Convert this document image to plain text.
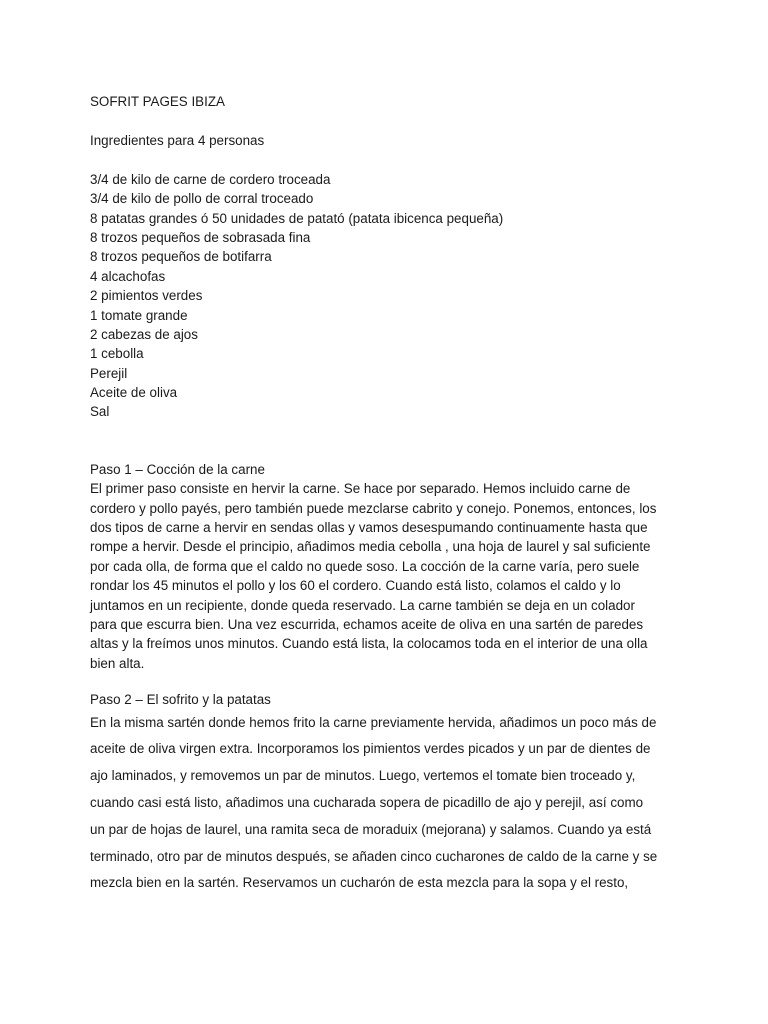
SOFRIT PAGES IBIZA
Ingredientes para 4 personas
3/4 de kilo de carne de cordero troceada
3/4 de kilo de pollo de corral troceado
8 patatas grandes ó 50 unidades de patató (patata ibicenca pequeña)
8 trozos pequeños de sobrasada fina
8 trozos pequeños de botifarra
4 alcachofas
2 pimientos verdes
1 tomate grande
2 cabezas de ajos
1 cebolla
Perejil
Aceite de oliva
Sal
Paso 1 – Cocción de la carne
El primer paso consiste en hervir la carne. Se hace por separado. Hemos incluido carne de
cordero y pollo payés, pero también puede mezclarse cabrito y conejo. Ponemos, entonces, los
dos tipos de carne a hervir en sendas ollas y vamos desespumando continuamente hasta que
rompe a hervir. Desde el principio, añadimos media cebolla , una hoja de laurel y sal suficiente
por cada olla, de forma que el caldo no quede soso. La cocción de la carne varía, pero suele
rondar los 45 minutos el pollo y los 60 el cordero. Cuando está listo, colamos el caldo y lo
juntamos en un recipiente, donde queda reservado. La carne también se deja en un colador
para que escurra bien. Una vez escurrida, echamos aceite de oliva en una sartén de paredes
altas y la freímos unos minutos. Cuando está lista, la colocamos toda en el interior de una olla
bien alta.
Paso 2 – El sofrito y la patatas
En la misma sartén donde hemos frito la carne previamente hervida, añadimos un poco más de
aceite de oliva virgen extra. Incorporamos los pimientos verdes picados y un par de dientes de
ajo laminados, y removemos un par de minutos. Luego, vertemos el tomate bien troceado y,
cuando casi está listo, añadimos una cucharada sopera de picadillo de ajo y perejil, así como
un par de hojas de laurel, una ramita seca de moraduix (mejorana) y salamos. Cuando ya está
terminado, otro par de minutos después, se añaden cinco cucharones de caldo de la carne y se
mezcla bien en la sartén. Reservamos un cucharón de esta mezcla para la sopa y el resto,
